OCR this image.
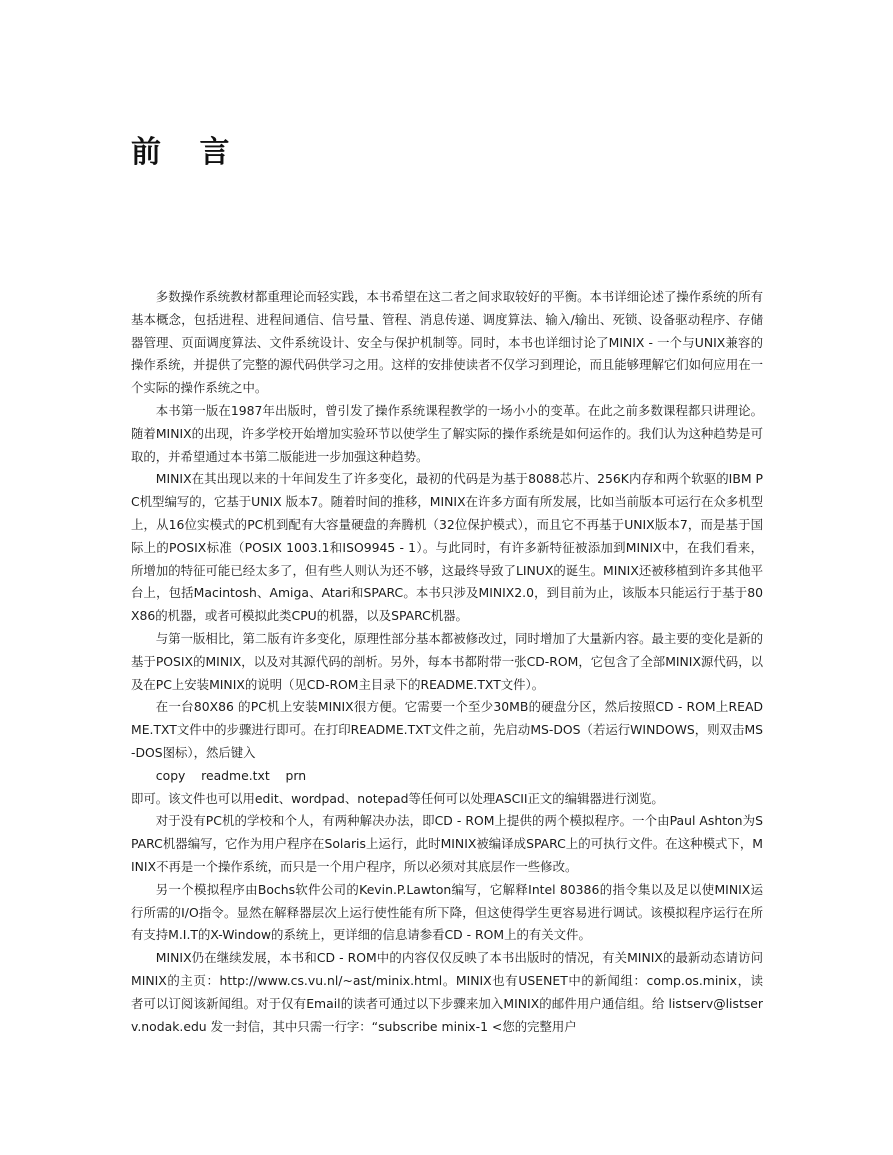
前 言

多数操作系统教材都重理论而轻实践，本书希望在这二者之间求取较好的平衡。本书详细论述了操作系统的所有基本概念，包括进程、进程间通信、信号量、管程、消息传递、调度算法、输入/输出、死锁、设备驱动程序、存储器管理、页面调度算法、文件系统设计、安全与保护机制等。同时，本书也详细讨论了MINIX - 一个与UNIX兼容的操作系统，并提供了完整的源代码供学习之用。这样的安排使读者不仅学习到理论，而且能够理解它们如何应用在一个实际的操作系统之中。

本书第一版在1987年出版时，曾引发了操作系统课程教学的一场小小的变革。在此之前多数课程都只讲理论。随着MINIX的出现，许多学校开始增加实验环节以使学生了解实际的操作系统是如何运作的。我们认为这种趋势是可取的，并希望通过本书第二版能进一步加强这种趋势。

MINIX在其出现以来的十年间发生了许多变化，最初的代码是为基于8088芯片、256K内存和两个软驱的IBM PC机型编写的，它基于UNIX 版本7。随着时间的推移，MINIX在许多方面有所发展，比如当前版本可运行在众多机型上，从16位实模式的PC机到配有大容量硬盘的奔腾机（32位保护模式），而且它不再基于UNIX版本7，而是基于国际上的POSIX标准（POSIX 1003.1和ISO9945 - 1）。与此同时，有许多新特征被添加到MINIX中，在我们看来，所增加的特征可能已经太多了，但有些人则认为还不够，这最终导致了LINUX的诞生。MINIX还被移植到许多其他平台上，包括Macintosh、Amiga、Atari和SPARC。本书只涉及MINIX2.0，到目前为止，该版本只能运行于基于80X86的机器，或者可模拟此类CPU的机器，以及SPARC机器。

与第一版相比，第二版有许多变化，原理性部分基本都被修改过，同时增加了大量新内容。最主要的变化是新的基于POSIX的MINIX，以及对其源代码的剖析。另外，每本书都附带一张CD-ROM，它包含了全部MINIX源代码，以及在PC上安装MINIX的说明（见CD-ROM主目录下的README.TXT文件）。

在一台80X86 的PC机上安装MINIX很方便。它需要一个至少30MB的硬盘分区，然后按照CD - ROM上README.TXT文件中的步骤进行即可。在打印README.TXT文件之前，先启动MS-DOS（若运行WINDOWS，则双击MS-DOS图标），然后键入

copy    readme.txt    prn

即可。该文件也可以用edit、wordpad、notepad等任何可以处理ASCII正文的编辑器进行浏览。

对于没有PC机的学校和个人，有两种解决办法，即CD - ROM上提供的两个模拟程序。一个由Paul Ashton为SPARC机器编写，它作为用户程序在Solaris上运行，此时MINIX被编译成SPARC上的可执行文件。在这种模式下，MINIX不再是一个操作系统，而只是一个用户程序，所以必须对其底层作一些修改。

另一个模拟程序由Bochs软件公司的Kevin.P.Lawton编写，它解释Intel 80386的指令集以及足以使MINIX运行所需的I/O指令。显然在解释器层次上运行使性能有所下降，但这使得学生更容易进行调试。该模拟程序运行在所有支持M.I.T的X-Window的系统上，更详细的信息请参看CD - ROM上的有关文件。

MINIX仍在继续发展，本书和CD - ROM中的内容仅仅反映了本书出版时的情况，有关MINIX的最新动态请访问MINIX的主页：http://www.cs.vu.nl/~ast/minix.html。MINIX也有USENET中的新闻组：comp.os.minix，读者可以订阅该新闻组。对于仅有Email的读者可通过以下步骤来加入MINIX的邮件用户通信组。给 listserv@listserv.nodak.edu 发一封信，其中只需一行字：“subscribe minix-1 <您的完整用户
